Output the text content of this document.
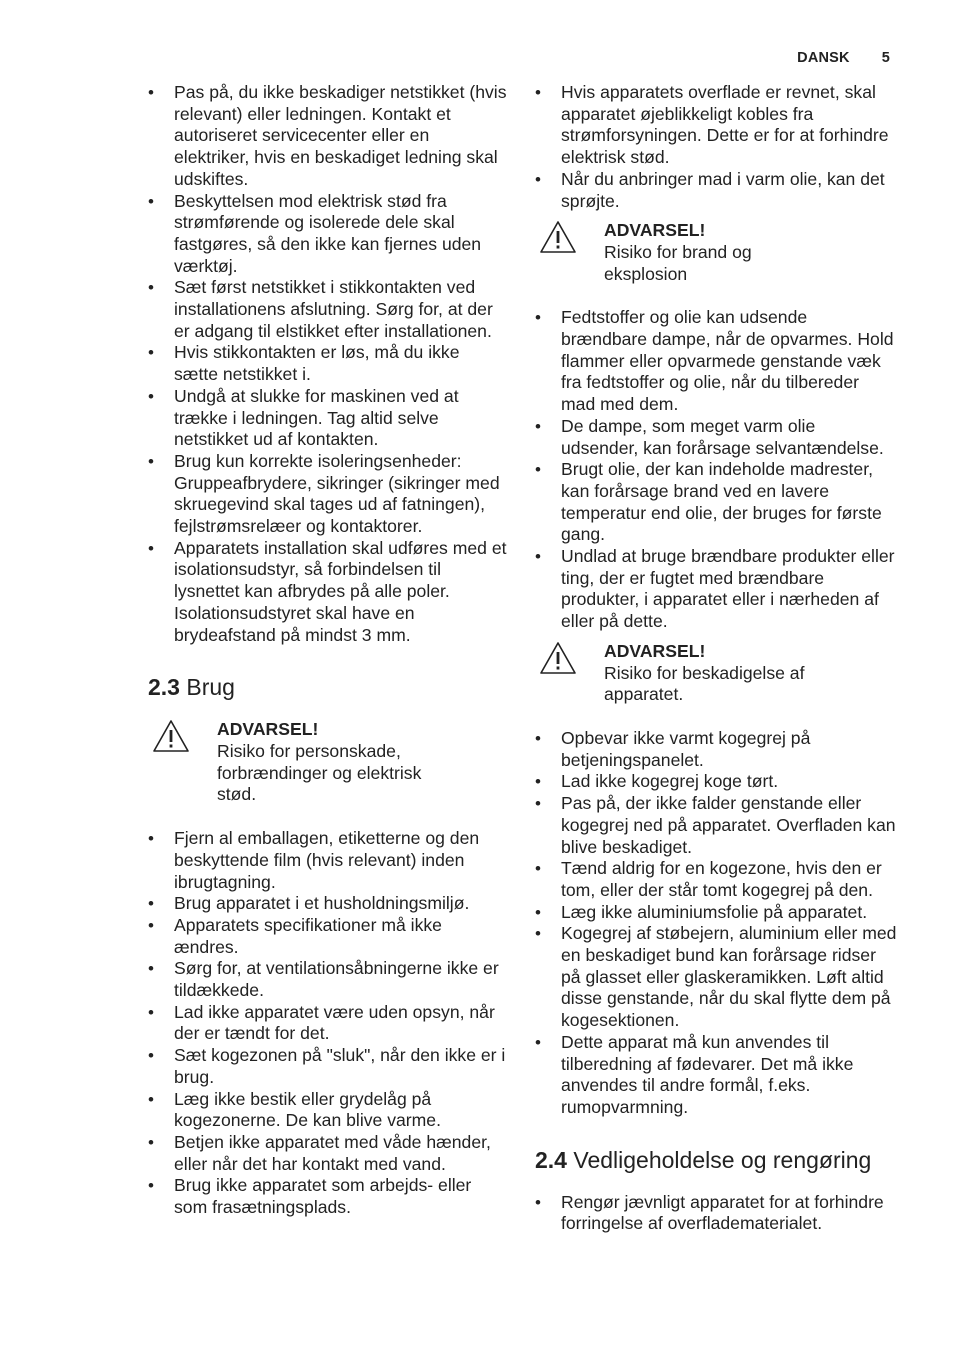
DANSK 5
• Pas på, du ikke beskadiger netstikket (hvis relevant) eller ledningen. Kontakt et autoriseret servicecenter eller en elektriker, hvis en beskadiget ledning skal udskiftes.
• Beskyttelsen mod elektrisk stød fra strømførende og isolerede dele skal fastgøres, så den ikke kan fjernes uden værktøj.
• Sæt først netstikket i stikkontakten ved installationens afslutning. Sørg for, at der er adgang til elstikket efter installationen.
• Hvis stikkontakten er løs, må du ikke sætte netstikket i.
• Undgå at slukke for maskinen ved at trække i ledningen. Tag altid selve netstikket ud af kontakten.
• Brug kun korrekte isoleringsenheder: Gruppeafbrydere, sikringer (sikringer med skruegevind skal tages ud af fatningen), fejlstrømsrelæer og kontaktorer.
• Apparatets installation skal udføres med et isolationsudstyr, så forbindelsen til lysnettet kan afbrydes på alle poler. Isolationsudstyret skal have en brydeafstand på mindst 3 mm.
2.3 Brug
ADVARSEL!
Risiko for personskade, forbrændinger og elektrisk stød.
• Fjern al emballagen, etiketterne og den beskyttende film (hvis relevant) inden ibrugtagning.
• Brug apparatet i et husholdningsmiljø.
• Apparatets specifikationer må ikke ændres.
• Sørg for, at ventilationsåbningerne ikke er tildækkede.
• Lad ikke apparatet være uden opsyn, når der er tændt for det.
• Sæt kogezonen på "sluk", når den ikke er i brug.
• Læg ikke bestik eller grydelåg på kogezonerne. De kan blive varme.
• Betjen ikke apparatet med våde hænder, eller når det har kontakt med vand.
• Brug ikke apparatet som arbejds- eller som frasætningsplads.
• Hvis apparatets overflade er revnet, skal apparatet øjeblikkeligt kobles fra strømforsyningen. Dette er for at forhindre elektrisk stød.
• Når du anbringer mad i varm olie, kan det sprøjte.
ADVARSEL!
Risiko for brand og eksplosion
• Fedtstoffer og olie kan udsende brændbare dampe, når de opvarmes. Hold flammer eller opvarmede genstande væk fra fedtstoffer og olie, når du tilbereder mad med dem.
• De dampe, som meget varm olie udsender, kan forårsage selvantændelse.
• Brugt olie, der kan indeholde madrester, kan forårsage brand ved en lavere temperatur end olie, der bruges for første gang.
• Undlad at bruge brændbare produkter eller ting, der er fugtet med brændbare produkter, i apparatet eller i nærheden af eller på dette.
ADVARSEL!
Risiko for beskadigelse af apparatet.
• Opbevar ikke varmt kogegrej på betjeningspanelet.
• Lad ikke kogegrej koge tørt.
• Pas på, der ikke falder genstande eller kogegrej ned på apparatet. Overfladen kan blive beskadiget.
• Tænd aldrig for en kogezone, hvis den er tom, eller der står tomt kogegrej på den.
• Læg ikke aluminiumsfolie på apparatet.
• Kogegrej af støbejern, aluminium eller med en beskadiget bund kan forårsage ridser på glasset eller glaskeramikken. Løft altid disse genstande, når du skal flytte dem på kogesektionen.
• Dette apparat må kun anvendes til tilberedning af fødevarer. Det må ikke anvendes til andre formål, f.eks. rumopvarmning.
2.4 Vedligeholdelse og rengøring
• Rengør jævnligt apparatet for at forhindre forringelse af overfladematerialet.
